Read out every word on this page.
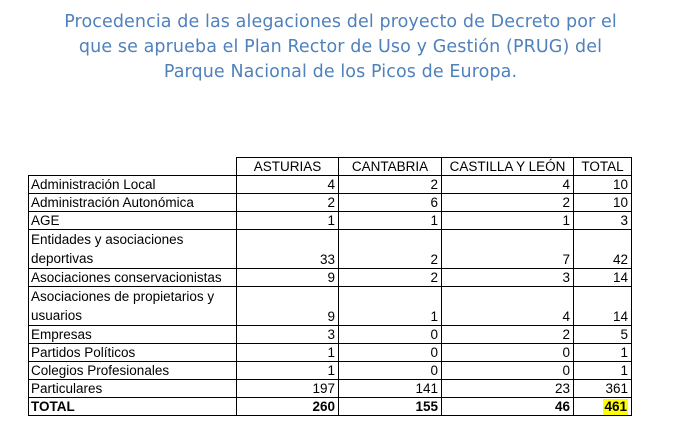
Procedencia de las alegaciones del proyecto de Decreto por el
que se aprueba el Plan Rector de Uso y Gestión (PRUG) del
Parque Nacional de los Picos de Europa.
	ASTURIAS	CANTABRIA	CASTILLA Y LEÓN	TOTAL
Administración Local	4	2	4	10
Administración Autonómica	2	6	2	10
AGE	1	1	1	3
Entidades y asociaciones deportivas	33	2	7	42
Asociaciones conservacionistas	9	2	3	14
Asociaciones de propietarios y usuarios	9	1	4	14
Empresas	3	0	2	5
Partidos Políticos	1	0	0	1
Colegios Profesionales	1	0	0	1
Particulares	197	141	23	361
TOTAL	260	155	46	461
